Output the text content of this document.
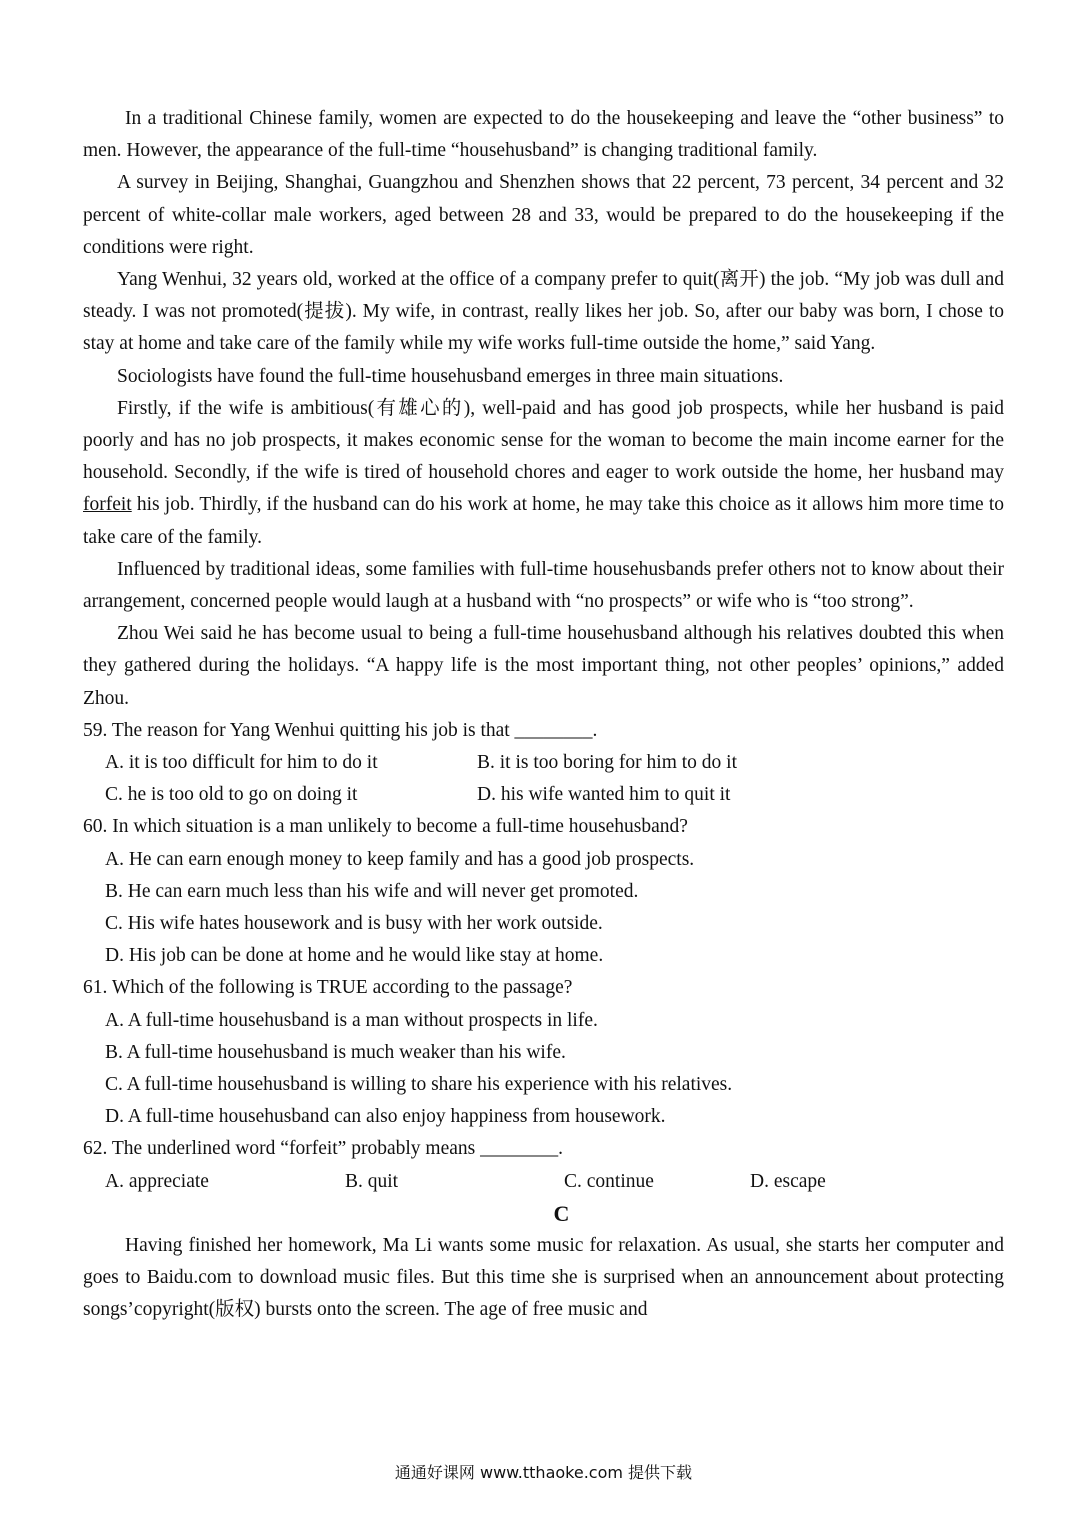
In a traditional Chinese family, women are expected to do the housekeeping and leave the “other business” to men. However, the appearance of the full-time “househusband” is changing traditional family.

A survey in Beijing, Shanghai, Guangzhou and Shenzhen shows that 22 percent, 73 percent, 34 percent and 32 percent of white-collar male workers, aged between 28 and 33, would be prepared to do the housekeeping if the conditions were right.

Yang Wenhui, 32 years old, worked at the office of a company prefer to quit(离开) the job. “My job was dull and steady. I was not promoted(提拔). My wife, in contrast, really likes her job. So, after our baby was born, I chose to stay at home and take care of the family while my wife works full-time outside the home,” said Yang.

Sociologists have found the full-time househusband emerges in three main situations.

Firstly, if the wife is ambitious(有雄心的), well-paid and has good job prospects, while her husband is paid poorly and has no job prospects, it makes economic sense for the woman to become the main income earner for the household. Secondly, if the wife is tired of household chores and eager to work outside the home, her husband may forfeit his job. Thirdly, if the husband can do his work at home, he may take this choice as it allows him more time to take care of the family.

Influenced by traditional ideas, some families with full-time househusbands prefer others not to know about their arrangement, concerned people would laugh at a husband with “no prospects” or wife who is “too strong”.

Zhou Wei said he has become usual to being a full-time househusband although his relatives doubted this when they gathered during the holidays. “A happy life is the most important thing, not other peoples’ opinions,” added Zhou.

59. The reason for Yang Wenhui quitting his job is that ________.

A. it is too difficult for him to do it	B. it is too boring for him to do it
C. he is too old to go on doing it	D. his wife wanted him to quit it

60. In which situation is a man unlikely to become a full-time househusband?

A. He can earn enough money to keep family and has a good job prospects.

B. He can earn much less than his wife and will never get promoted.

C. His wife hates housework and is busy with her work outside.

D. His job can be done at home and he would like stay at home.

61. Which of the following is TRUE according to the passage?

A. A full-time househusband is a man without prospects in life.

B. A full-time househusband is much weaker than his wife.

C. A full-time househusband is willing to share his experience with his relatives.

D. A full-time househusband can also enjoy happiness from housework.

62. The underlined word “forfeit” probably means ________.

A. appreciate	B. quit	C. continue	D. escape

C

Having finished her homework, Ma Li wants some music for relaxation. As usual, she starts her computer and goes to Baidu.com to download music files. But this time she is surprised when an announcement about protecting songs’copyright(版权) bursts onto the screen. The age of free music and

通通好课网 www.tthaoke.com 提供下载
